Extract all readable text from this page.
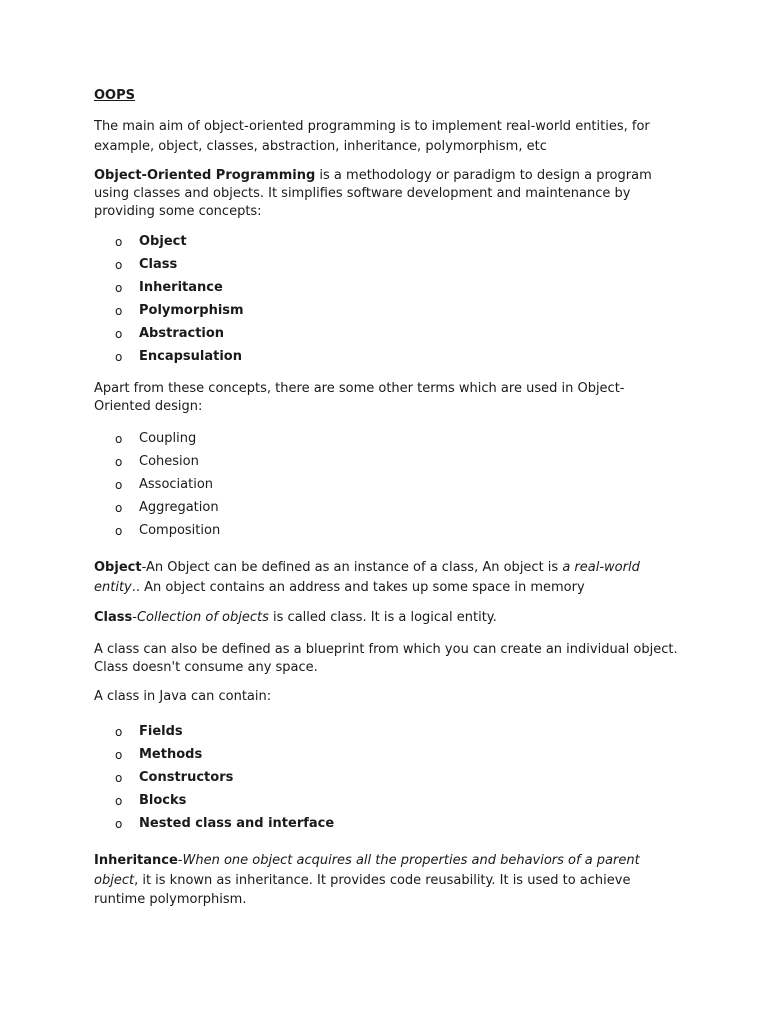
OOPS

The main aim of object-oriented programming is to implement real-world entities, for
example, object, classes, abstraction, inheritance, polymorphism, etc

Object-Oriented Programming is a methodology or paradigm to design a program
using classes and objects. It simplifies software development and maintenance by
providing some concepts:

o Object
o Class
o Inheritance
o Polymorphism
o Abstraction
o Encapsulation

Apart from these concepts, there are some other terms which are used in Object-
Oriented design:

o Coupling
o Cohesion
o Association
o Aggregation
o Composition

Object-An Object can be defined as an instance of a class, An object is a real-world
entity.. An object contains an address and takes up some space in memory

Class-Collection of objects is called class. It is a logical entity.

A class can also be defined as a blueprint from which you can create an individual object.
Class doesn't consume any space.

A class in Java can contain:

o Fields
o Methods
o Constructors
o Blocks
o Nested class and interface

Inheritance-When one object acquires all the properties and behaviors of a parent
object, it is known as inheritance. It provides code reusability. It is used to achieve
runtime polymorphism.
